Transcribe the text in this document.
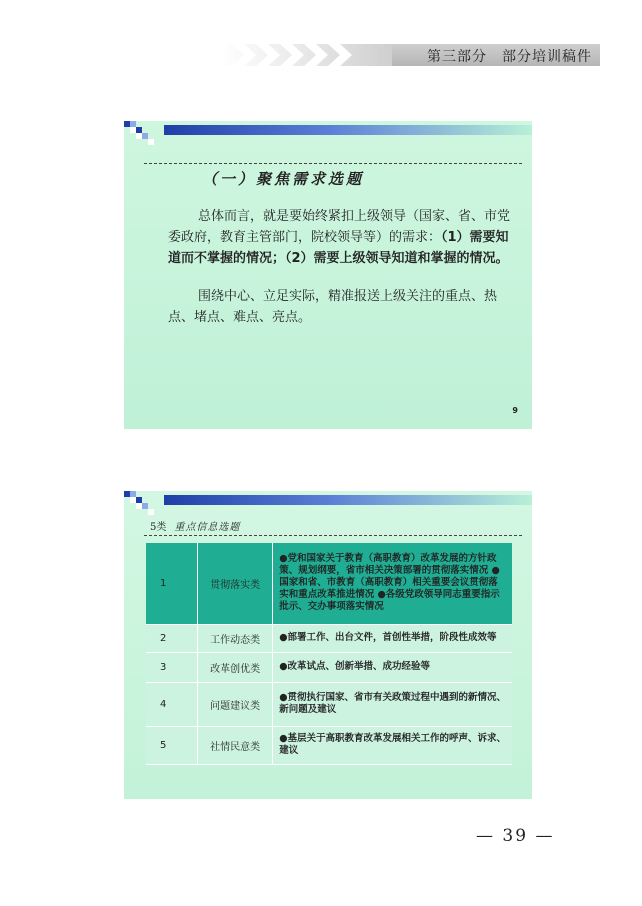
第三部分　部分培训稿件
（一）聚焦需求选题
总体而言，就是要始终紧扣上级领导（国家、省、市党委政府，教育主管部门，院校领导等）的需求：（1）需要知道而不掌握的情况；（2）需要上级领导知道和掌握的情况。
围绕中心、立足实际，精准报送上级关注的重点、热点、堵点、难点、亮点。
9
5类 重点信息选题
1	贯彻落实类	●党和国家关于教育（高职教育）改革发展的方针政策、规划纲要，省市相关决策部署的贯彻落实情况 ●国家和省、市教育（高职教育）相关重要会议贯彻落实和重点改革推进情况 ●各级党政领导同志重要指示批示、交办事项落实情况
2	工作动态类	●部署工作、出台文件，首创性举措，阶段性成效等
3	改革创优类	●改革试点、创新举措、成功经验等
4	问题建议类	●贯彻执行国家、省市有关政策过程中遇到的新情况、新问题及建议
5	社情民意类	●基层关于高职教育改革发展相关工作的呼声、诉求、建议
— 39 —
